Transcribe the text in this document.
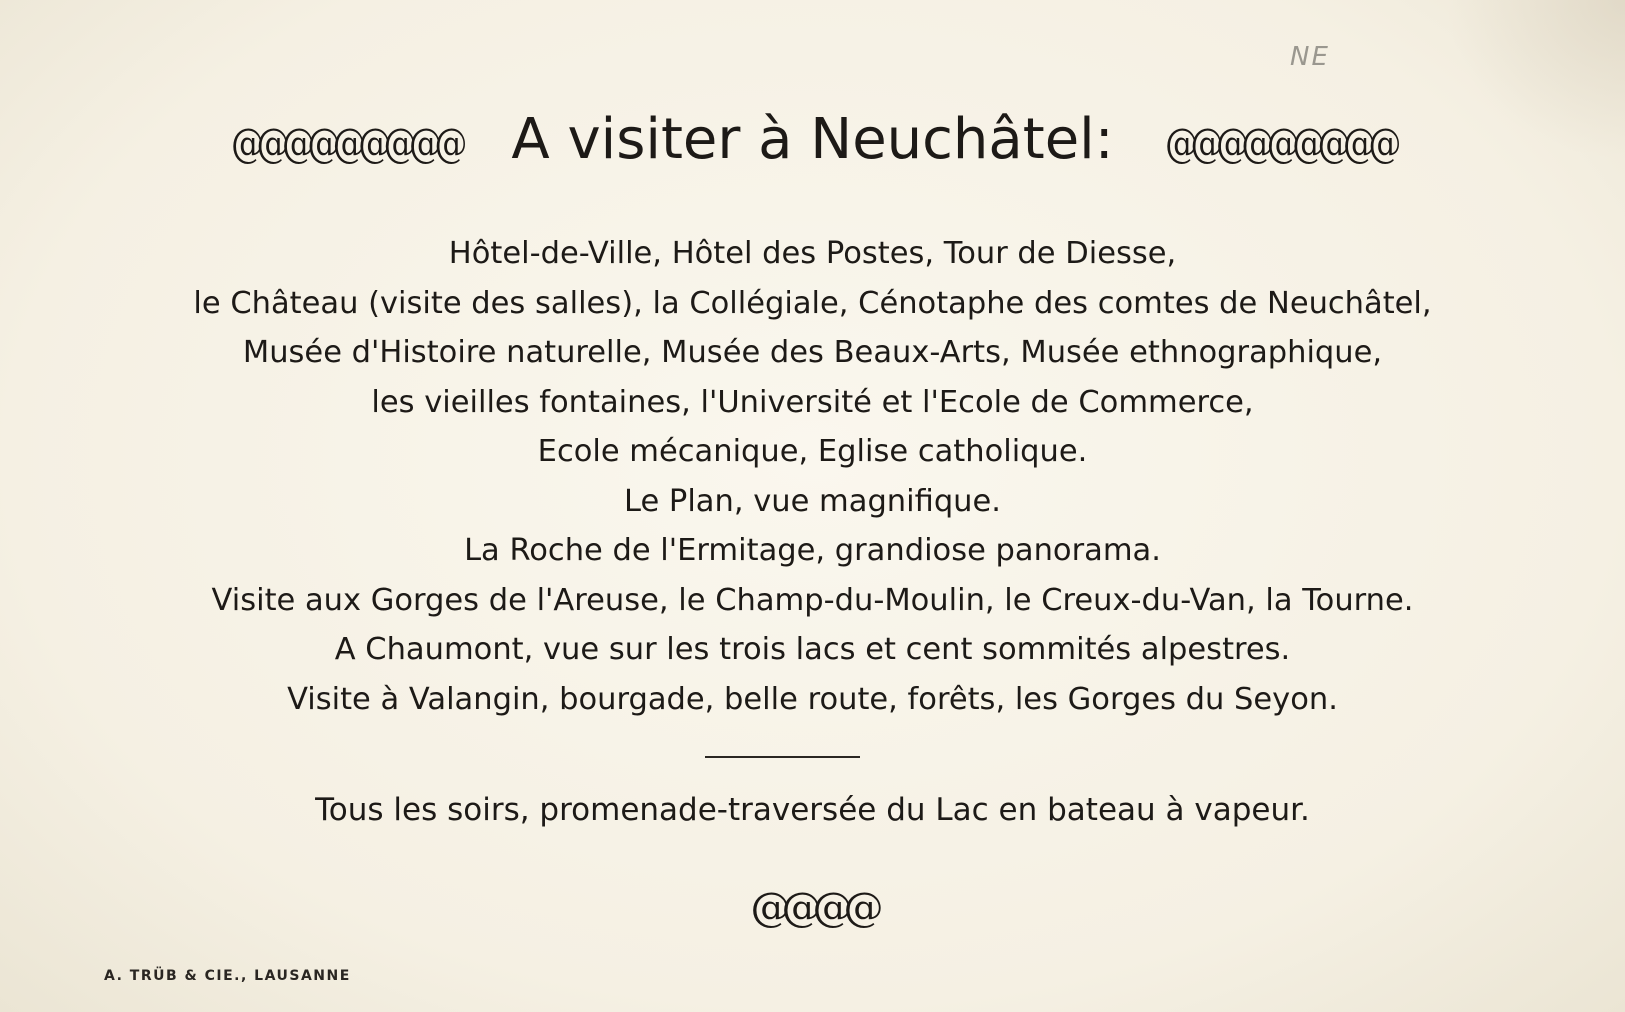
NE
@@@@@@@@@ A visiter à Neuchâtel: @@@@@@@@@
Hôtel-de-Ville, Hôtel des Postes, Tour de Diesse,
le Château (visite des salles), la Collégiale, Cénotaphe des comtes de Neuchâtel,
Musée d'Histoire naturelle, Musée des Beaux-Arts, Musée ethnographique,
les vieilles fontaines, l'Université et l'Ecole de Commerce,
Ecole mécanique, Eglise catholique.
Le Plan, vue magnifique.
La Roche de l'Ermitage, grandiose panorama.
Visite aux Gorges de l'Areuse, le Champ-du-Moulin, le Creux-du-Van, la Tourne.
A Chaumont, vue sur les trois lacs et cent sommités alpestres.
Visite à Valangin, bourgade, belle route, forêts, les Gorges du Seyon.
Tous les soirs, promenade-traversée du Lac en bateau à vapeur.
@@@@
A. TRÜB & CIE., LAUSANNE
